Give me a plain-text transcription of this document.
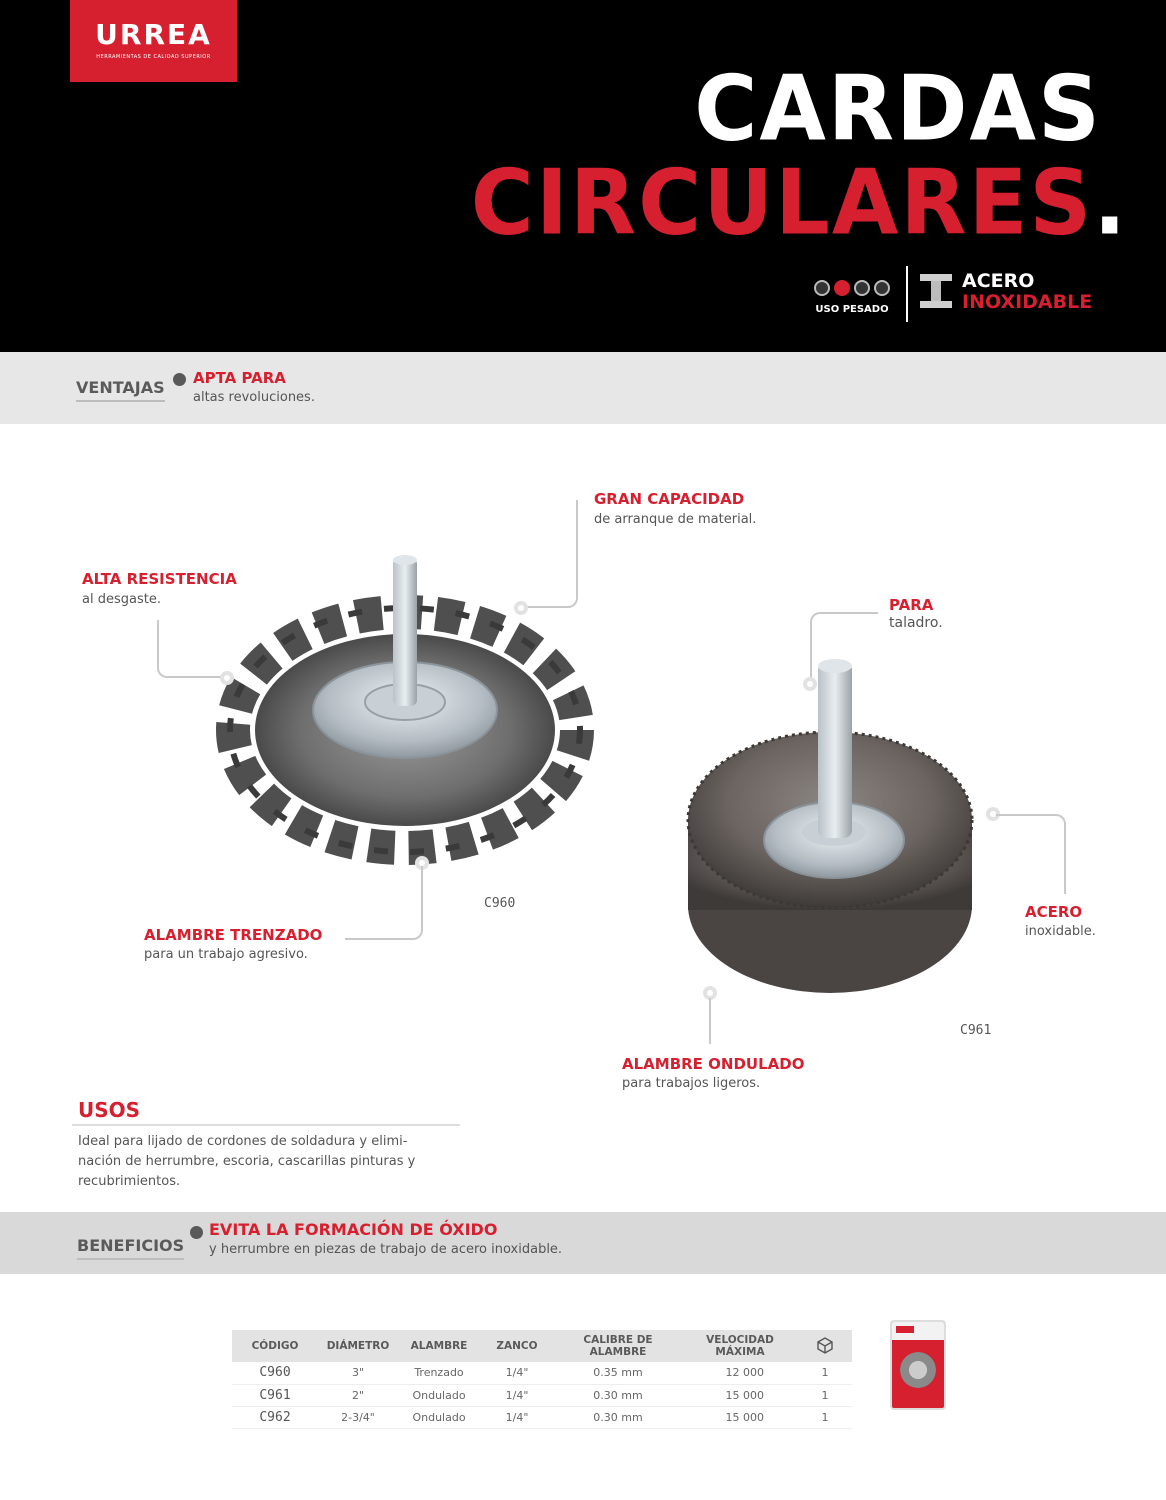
URREA
HERRAMIENTAS DE CALIDAD SUPERIOR	CARDAS
CIRCULARES.
USO PESADO
ACERO
INOXIDABLE
VENTAJAS APTA PARA
altas revoluciones.
GRAN CAPACIDAD
de arranque de material.
ALTA RESISTENCIA
al desgaste.
ALAMBRE TRENZADO
para un trabajo agresivo.
C960
PARA
taladro.
ACERO
inoxidable.
ALAMBRE ONDULADO
para trabajos ligeros.
C961
USOS
Ideal para lijado de cordones de soldadura y elimi-nación de herrumbre, escoria, cascarillas pinturas y recubrimientos.
BENEFICIOS
EVITA LA FORMACIÓN DE ÓXIDO
y herrumbre en piezas de trabajo de acero inoxidable.
CÓDIGO	DIÁMETRO	ALAMBRE	ZANCO	CALIBRE DE ALAMBRE	VELOCIDAD MÁXIMA	
C960	3"	Trenzado	1/4"	0.35 mm	12 000	1
C961	2"	Ondulado	1/4"	0.30 mm	15 000	1
C962	2-3/4"	Ondulado	1/4"	0.30 mm	15 000	1
